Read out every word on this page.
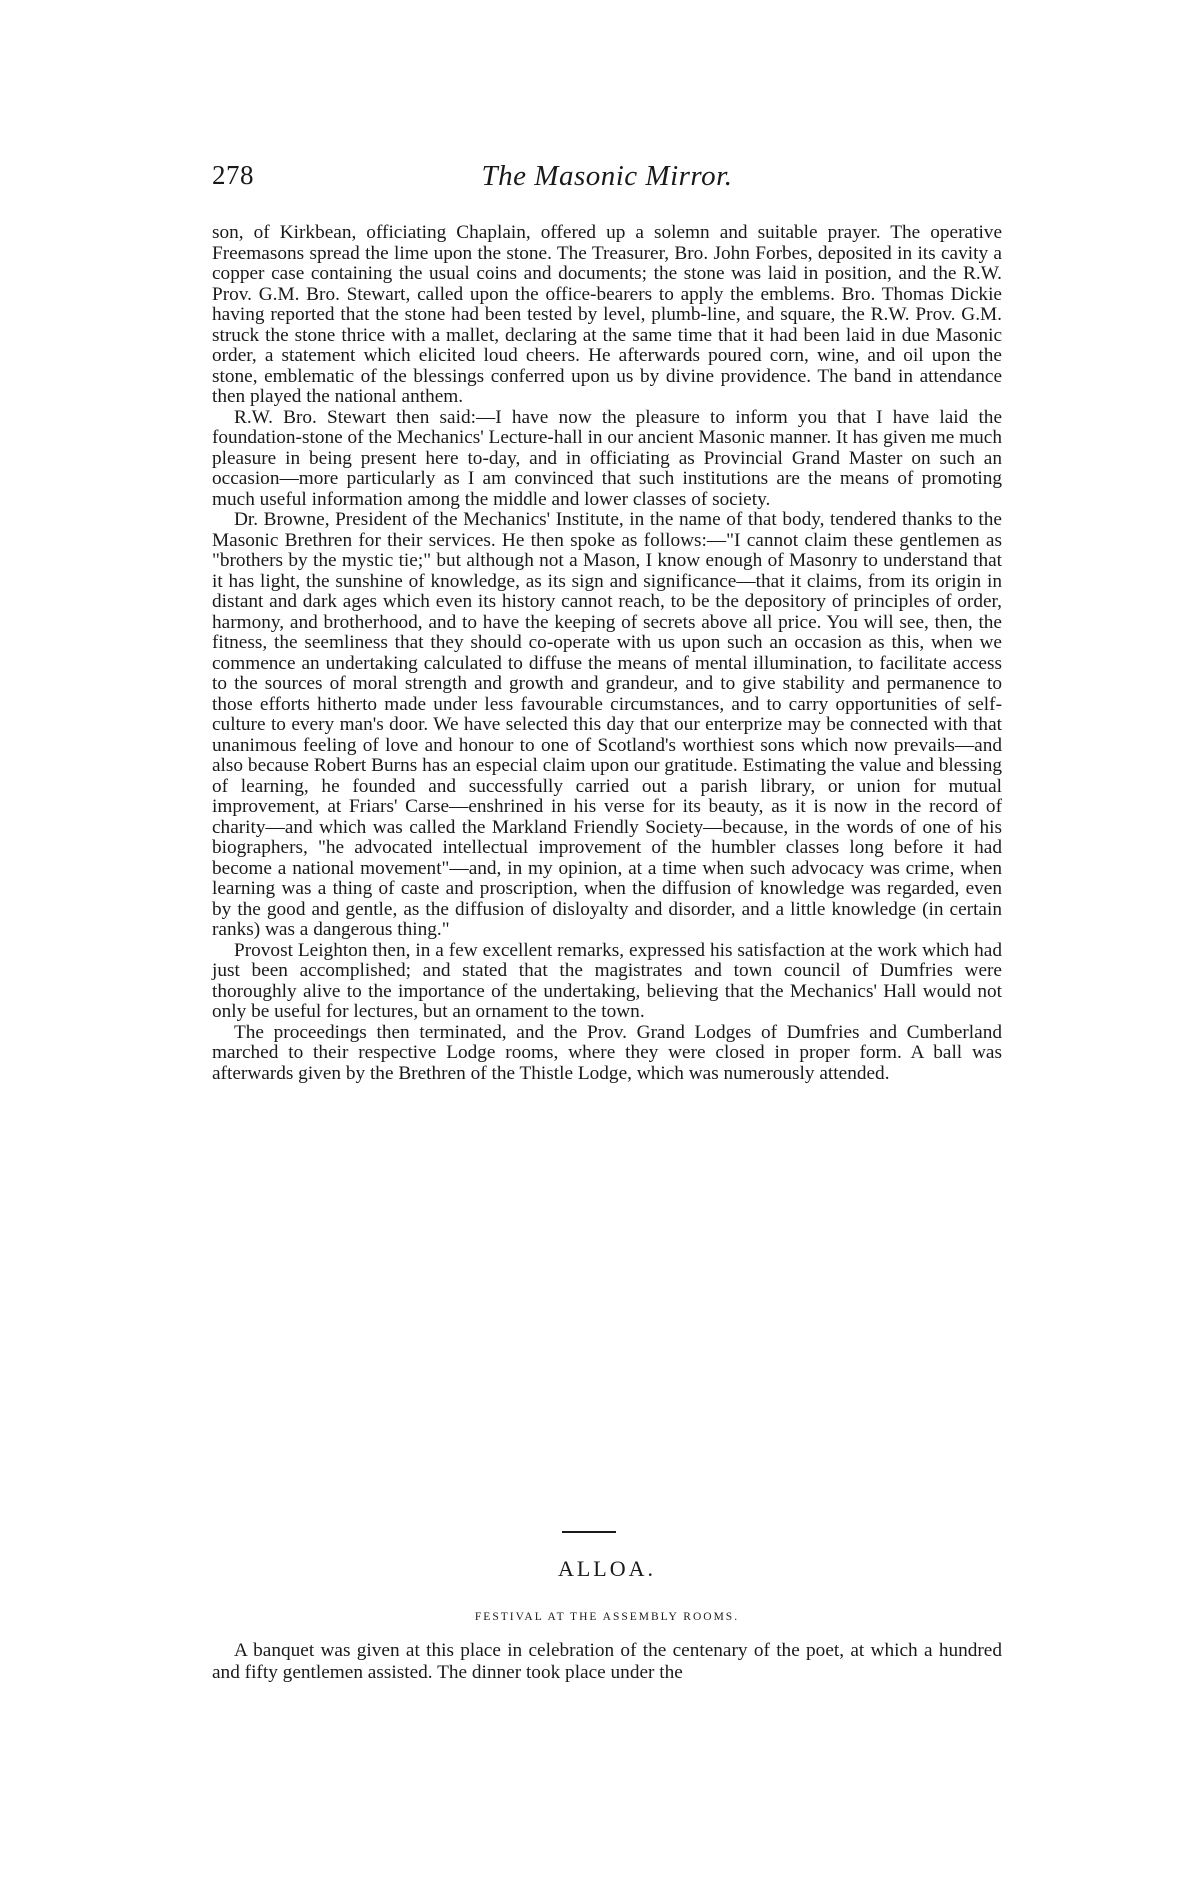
278	The Masonic Mirror.

son, of Kirkbean, officiating Chaplain, offered up a solemn and suitable prayer. The operative Freemasons spread the lime upon the stone. The Treasurer, Bro. John Forbes, deposited in its cavity a copper case containing the usual coins and documents; the stone was laid in position, and the R.W. Prov. G.M. Bro. Stewart, called upon the office-bearers to apply the emblems. Bro. Thomas Dickie having reported that the stone had been tested by level, plumb-line, and square, the R.W. Prov. G.M. struck the stone thrice with a mallet, declaring at the same time that it had been laid in due Masonic order, a statement which elicited loud cheers. He afterwards poured corn, wine, and oil upon the stone, emblematic of the blessings conferred upon us by divine providence. The band in attendance then played the national anthem.

R.W. Bro. Stewart then said:—I have now the pleasure to inform you that I have laid the foundation-stone of the Mechanics' Lecture-hall in our ancient Masonic manner. It has given me much pleasure in being present here to-day, and in officiating as Provincial Grand Master on such an occasion—more particularly as I am convinced that such institutions are the means of promoting much useful information among the middle and lower classes of society.

Dr. Browne, President of the Mechanics' Institute, in the name of that body, tendered thanks to the Masonic Brethren for their services. He then spoke as follows:—"I cannot claim these gentlemen as "brothers by the mystic tie;" but although not a Mason, I know enough of Masonry to understand that it has light, the sunshine of knowledge, as its sign and significance—that it claims, from its origin in distant and dark ages which even its history cannot reach, to be the depository of principles of order, harmony, and brotherhood, and to have the keeping of secrets above all price. You will see, then, the fitness, the seemliness that they should co-operate with us upon such an occasion as this, when we commence an undertaking calculated to diffuse the means of mental illumination, to facilitate access to the sources of moral strength and growth and grandeur, and to give stability and permanence to those efforts hitherto made under less favourable circumstances, and to carry opportunities of self-culture to every man's door. We have selected this day that our enterprize may be connected with that unanimous feeling of love and honour to one of Scotland's worthiest sons which now prevails—and also because Robert Burns has an especial claim upon our gratitude. Estimating the value and blessing of learning, he founded and successfully carried out a parish library, or union for mutual improvement, at Friars' Carse—enshrined in his verse for its beauty, as it is now in the record of charity—and which was called the Markland Friendly Society—because, in the words of one of his biographers, "he advocated intellectual improvement of the humbler classes long before it had become a national movement"—and, in my opinion, at a time when such advocacy was crime, when learning was a thing of caste and proscription, when the diffusion of knowledge was regarded, even by the good and gentle, as the diffusion of disloyalty and disorder, and a little knowledge (in certain ranks) was a dangerous thing."

Provost Leighton then, in a few excellent remarks, expressed his satisfaction at the work which had just been accomplished; and stated that the magistrates and town council of Dumfries were thoroughly alive to the importance of the undertaking, believing that the Mechanics' Hall would not only be useful for lectures, but an ornament to the town.

The proceedings then terminated, and the Prov. Grand Lodges of Dumfries and Cumberland marched to their respective Lodge rooms, where they were closed in proper form. A ball was afterwards given by the Brethren of the Thistle Lodge, which was numerously attended.

ALLOA.
FESTIVAL AT THE ASSEMBLY ROOMS.

A banquet was given at this place in celebration of the centenary of the poet, at which a hundred and fifty gentlemen assisted. The dinner took place under the
